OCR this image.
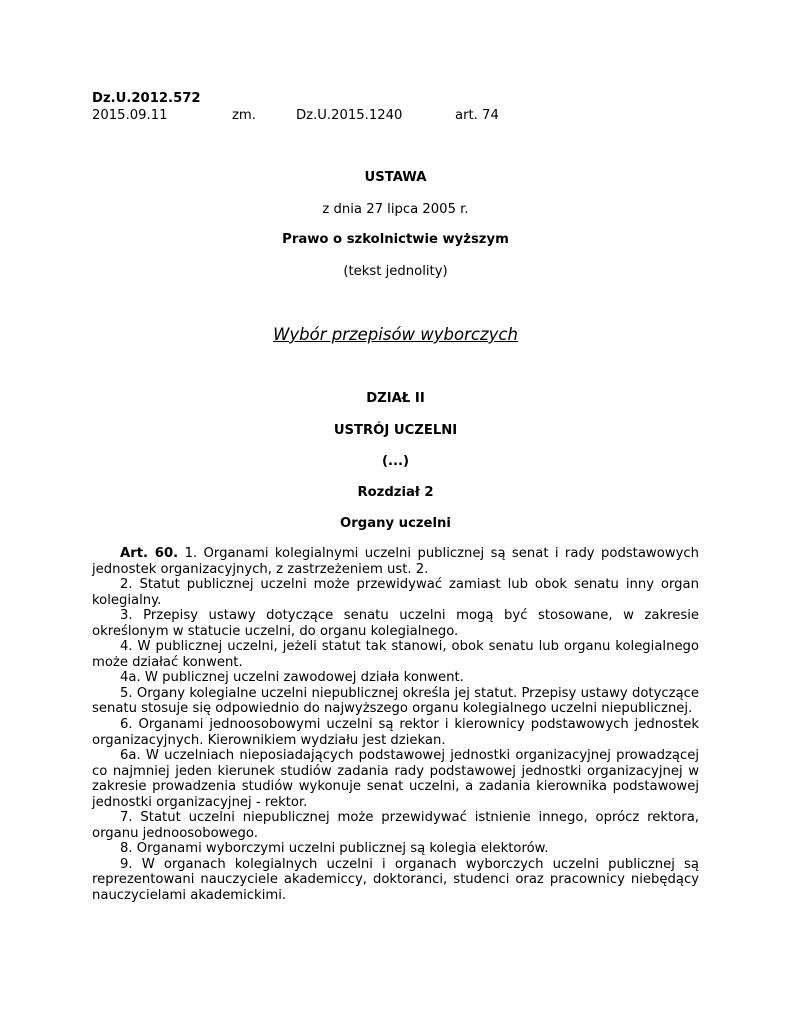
Dz.U.2012.572
2015.09.11	zm.	Dz.U.2015.1240	art. 74
USTAWA
z dnia 27 lipca 2005 r.
Prawo o szkolnictwie wyższym
(tekst jednolity)
Wybór przepisów wyborczych
DZIAŁ II
USTRÓJ UCZELNI
(...)
Rozdział 2
Organy uczelni

Art. 60. 1. Organami kolegialnymi uczelni publicznej są senat i rady podstawowych jednostek organizacyjnych, z zastrzeżeniem ust. 2.

2. Statut publicznej uczelni może przewidywać zamiast lub obok senatu inny organ kolegialny.

3. Przepisy ustawy dotyczące senatu uczelni mogą być stosowane, w zakresie określonym w statucie uczelni, do organu kolegialnego.

4. W publicznej uczelni, jeżeli statut tak stanowi, obok senatu lub organu kolegialnego może działać konwent.

4a. W publicznej uczelni zawodowej działa konwent.

5. Organy kolegialne uczelni niepublicznej określa jej statut. Przepisy ustawy dotyczące senatu stosuje się odpowiednio do najwyższego organu kolegialnego uczelni niepublicznej.

6. Organami jednoosobowymi uczelni są rektor i kierownicy podstawowych jednostek organizacyjnych. Kierownikiem wydziału jest dziekan.

6a. W uczelniach nieposiadających podstawowej jednostki organizacyjnej prowadzącej co najmniej jeden kierunek studiów zadania rady podstawowej jednostki organizacyjnej w zakresie prowadzenia studiów wykonuje senat uczelni, a zadania kierownika podstawowej jednostki organizacyjnej - rektor.

7. Statut uczelni niepublicznej może przewidywać istnienie innego, oprócz rektora, organu jednoosobowego.

8. Organami wyborczymi uczelni publicznej są kolegia elektorów.

9. W organach kolegialnych uczelni i organach wyborczych uczelni publicznej są reprezentowani nauczyciele akademiccy, doktoranci, studenci oraz pracownicy niebędący nauczycielami akademickimi.
